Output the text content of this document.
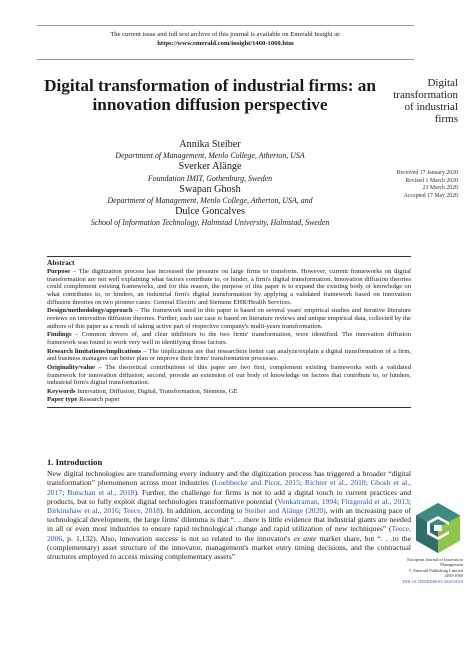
The current issue and full text archive of this journal is available on Emerald Insight at:
https://www.emerald.com/insight/1460-1060.htm
Digital transformation of industrial firms: an innovation diffusion perspective
Digital
transformation
of industrial
firms
Annika Steiber
Department of Management, Menlo College, Atherton, USA
Sverker Alänge
Foundation IMIT, Gothenburg, Sweden
Swapan Ghosh
Department of Management, Menlo College, Atherton, USA, and
Dulce Goncalves
School of Information Technology, Halmstad University, Halmstad, Sweden
Received 17 January 2020
Revised 1 March 2020
23 March 2020
Accepted 17 May 2020
Abstract

Purpose – The digitization process has increased the pressure on large firms to transform. However, current frameworks on digital transformation are not well explaining what factors contribute to, or hinder, a firm's digital transformation. Innovation diffusion theories could complement existing frameworks, and for this reason, the purpose of this paper is to expand the existing body of knowledge on what contributes to, or hinders, an industrial firm's digital transformation by applying a validated framework based on innovation diffusion theories on two pioneer cases: General Electric and Siemens EHR/Health Services.

Design/methodology/approach – The framework used in this paper is based on several years' empirical studies and iterative literature reviews on innovation diffusion theories. Further, each use case is based on literature reviews and unique empirical data, collected by the authors of this paper as a result of taking active part of respective company's multi-years transformation.

Findings – Common drivers of, and clear inhibitors to the two firms' transformation, were identified. The innovation diffusion framework was found to work very well in identifying those factors.

Research limitations/implications – The implications are that researchers better can analyze/explain a digital transformation of a firm, and business managers can better plan or improve their firms' transformation processes.

Originality/value – The theoretical contributions of this paper are two first, complement existing frameworks with a validated framework for innovation diffusion; second, provide an extension of our body of knowledge on factors that contribute to, or hinders, industrial firm's digital transformation.

Keywords Innovation, Diffusion, Digital, Transformation, Siemens, GE

Paper type Research paper

1. Introduction

New digital technologies are transforming every industry and the digitization process has triggered a broader “digital transformation” phenomenon across most industries (Loebbecke and Picot, 2015; Richter et al., 2018; Ghosh et al., 2017; Butschan et al., 2018). Further, the challenge for firms is not to add a digital touch to current practices and products, but to fully exploit digital technologies transformative potential (Venkatraman, 1994; Fitzgerald et al., 2013; Birkinshaw et al., 2016; Teece, 2018). In addition, according to Steiber and Alänge (2020), with an increasing pace of technological development, the large firms' dilemma is that “. . .there is little evidence that industrial giants are needed in all or even most industries to ensure rapid technological change and rapid utilization of new techniques” (Teece, 2006, p. 1,132). Also, innovation success is not so related to the innovator's ex ante market share, but “. . .to the (complementary) asset structure of the innovator, management's market entry timing decisions, and the contractual structures employed to access missing complementary assets”	European Journal of Innovation Management
© Emerald Publishing Limited
1460-1060
DOI 10.1108/EJIM-01-2020-0018
